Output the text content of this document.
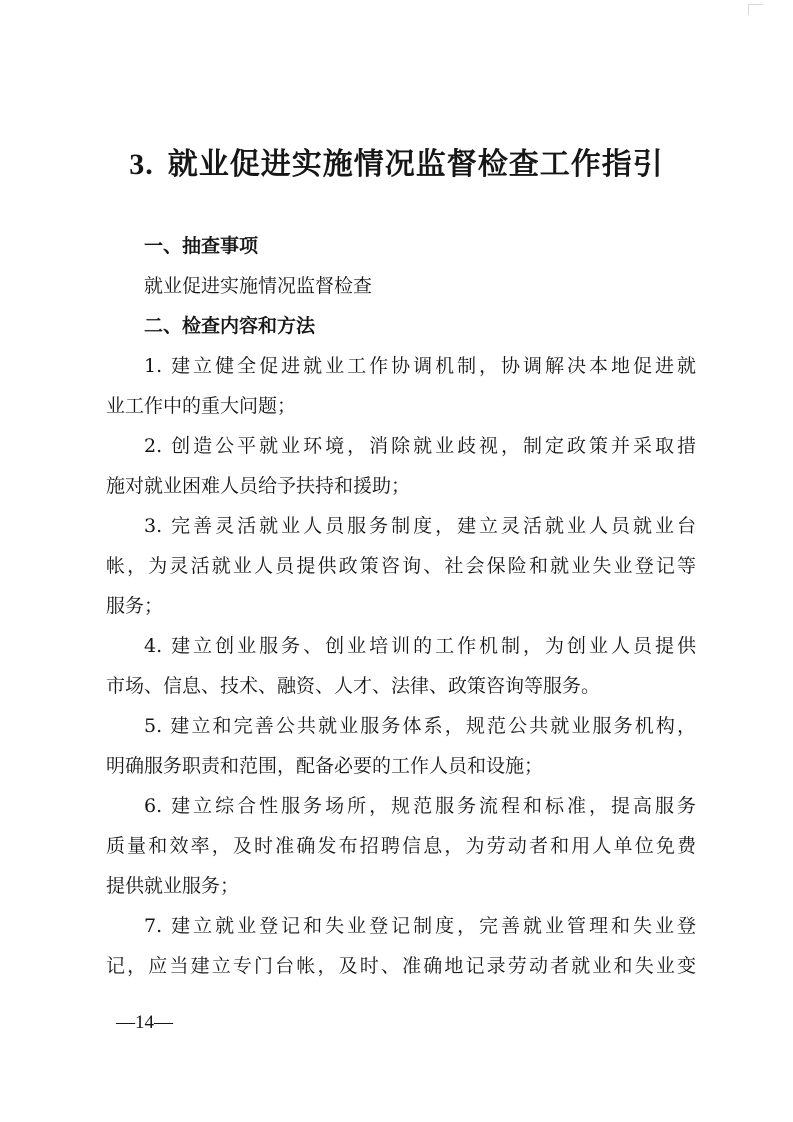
3. 就业促进实施情况监督检查工作指引
一、抽查事项
就业促进实施情况监督检查
二、检查内容和方法
1. 建立健全促进就业工作协调机制，协调解决本地促进就
业工作中的重大问题；
2. 创造公平就业环境，消除就业歧视，制定政策并采取措
施对就业困难人员给予扶持和援助；
3. 完善灵活就业人员服务制度，建立灵活就业人员就业台
帐，为灵活就业人员提供政策咨询、社会保险和就业失业登记等
服务；
4. 建立创业服务、创业培训的工作机制，为创业人员提供
市场、信息、技术、融资、人才、法律、政策咨询等服务。
5. 建立和完善公共就业服务体系，规范公共就业服务机构，
明确服务职责和范围，配备必要的工作人员和设施；
6. 建立综合性服务场所，规范服务流程和标准，提高服务
质量和效率，及时准确发布招聘信息，为劳动者和用人单位免费
提供就业服务；
7. 建立就业登记和失业登记制度，完善就业管理和失业登
记，应当建立专门台帐，及时、准确地记录劳动者就业和失业变
—14—
